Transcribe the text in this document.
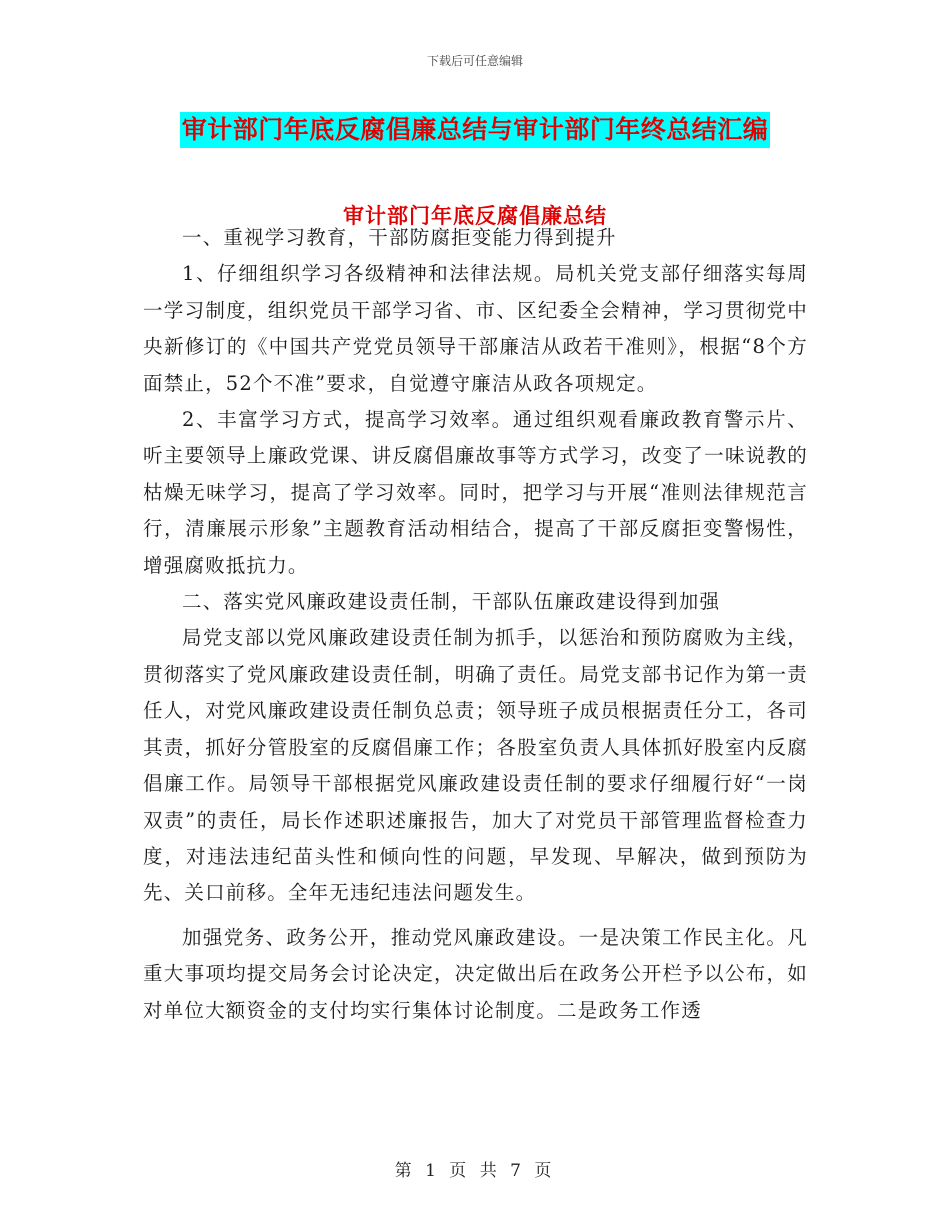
下载后可任意编辑
审计部门年底反腐倡廉总结与审计部门年终总结汇编
审计部门年底反腐倡廉总结

一、重视学习教育，干部防腐拒变能力得到提升

1、仔细组织学习各级精神和法律法规。局机关党支部仔细落实每周一学习制度，组织党员干部学习省、市、区纪委全会精神，学习贯彻党中央新修订的《中国共产党党员领导干部廉洁从政若干准则》，根据“8个方面禁止，52个不准”要求，自觉遵守廉洁从政各项规定。

2、丰富学习方式，提高学习效率。通过组织观看廉政教育警示片、听主要领导上廉政党课、讲反腐倡廉故事等方式学习，改变了一味说教的枯燥无味学习，提高了学习效率。同时，把学习与开展“准则法律规范言行，清廉展示形象”主题教育活动相结合，提高了干部反腐拒变警惕性，增强腐败抵抗力。

二、落实党风廉政建设责任制，干部队伍廉政建设得到加强

局党支部以党风廉政建设责任制为抓手，以惩治和预防腐败为主线，贯彻落实了党风廉政建设责任制，明确了责任。局党支部书记作为第一责任人，对党风廉政建设责任制负总责；领导班子成员根据责任分工，各司其责，抓好分管股室的反腐倡廉工作；各股室负责人具体抓好股室内反腐倡廉工作。局领导干部根据党风廉政建设责任制的要求仔细履行好“一岗双责”的责任，局长作述职述廉报告，加大了对党员干部管理监督检查力度，对违法违纪苗头性和倾向性的问题，早发现、早解决，做到预防为先、关口前移。全年无违纪违法问题发生。

加强党务、政务公开，推动党风廉政建设。一是决策工作民主化。凡重大事项均提交局务会讨论决定，决定做出后在政务公开栏予以公布，如对单位大额资金的支付均实行集体讨论制度。二是政务工作透

第 1 页 共 7 页
